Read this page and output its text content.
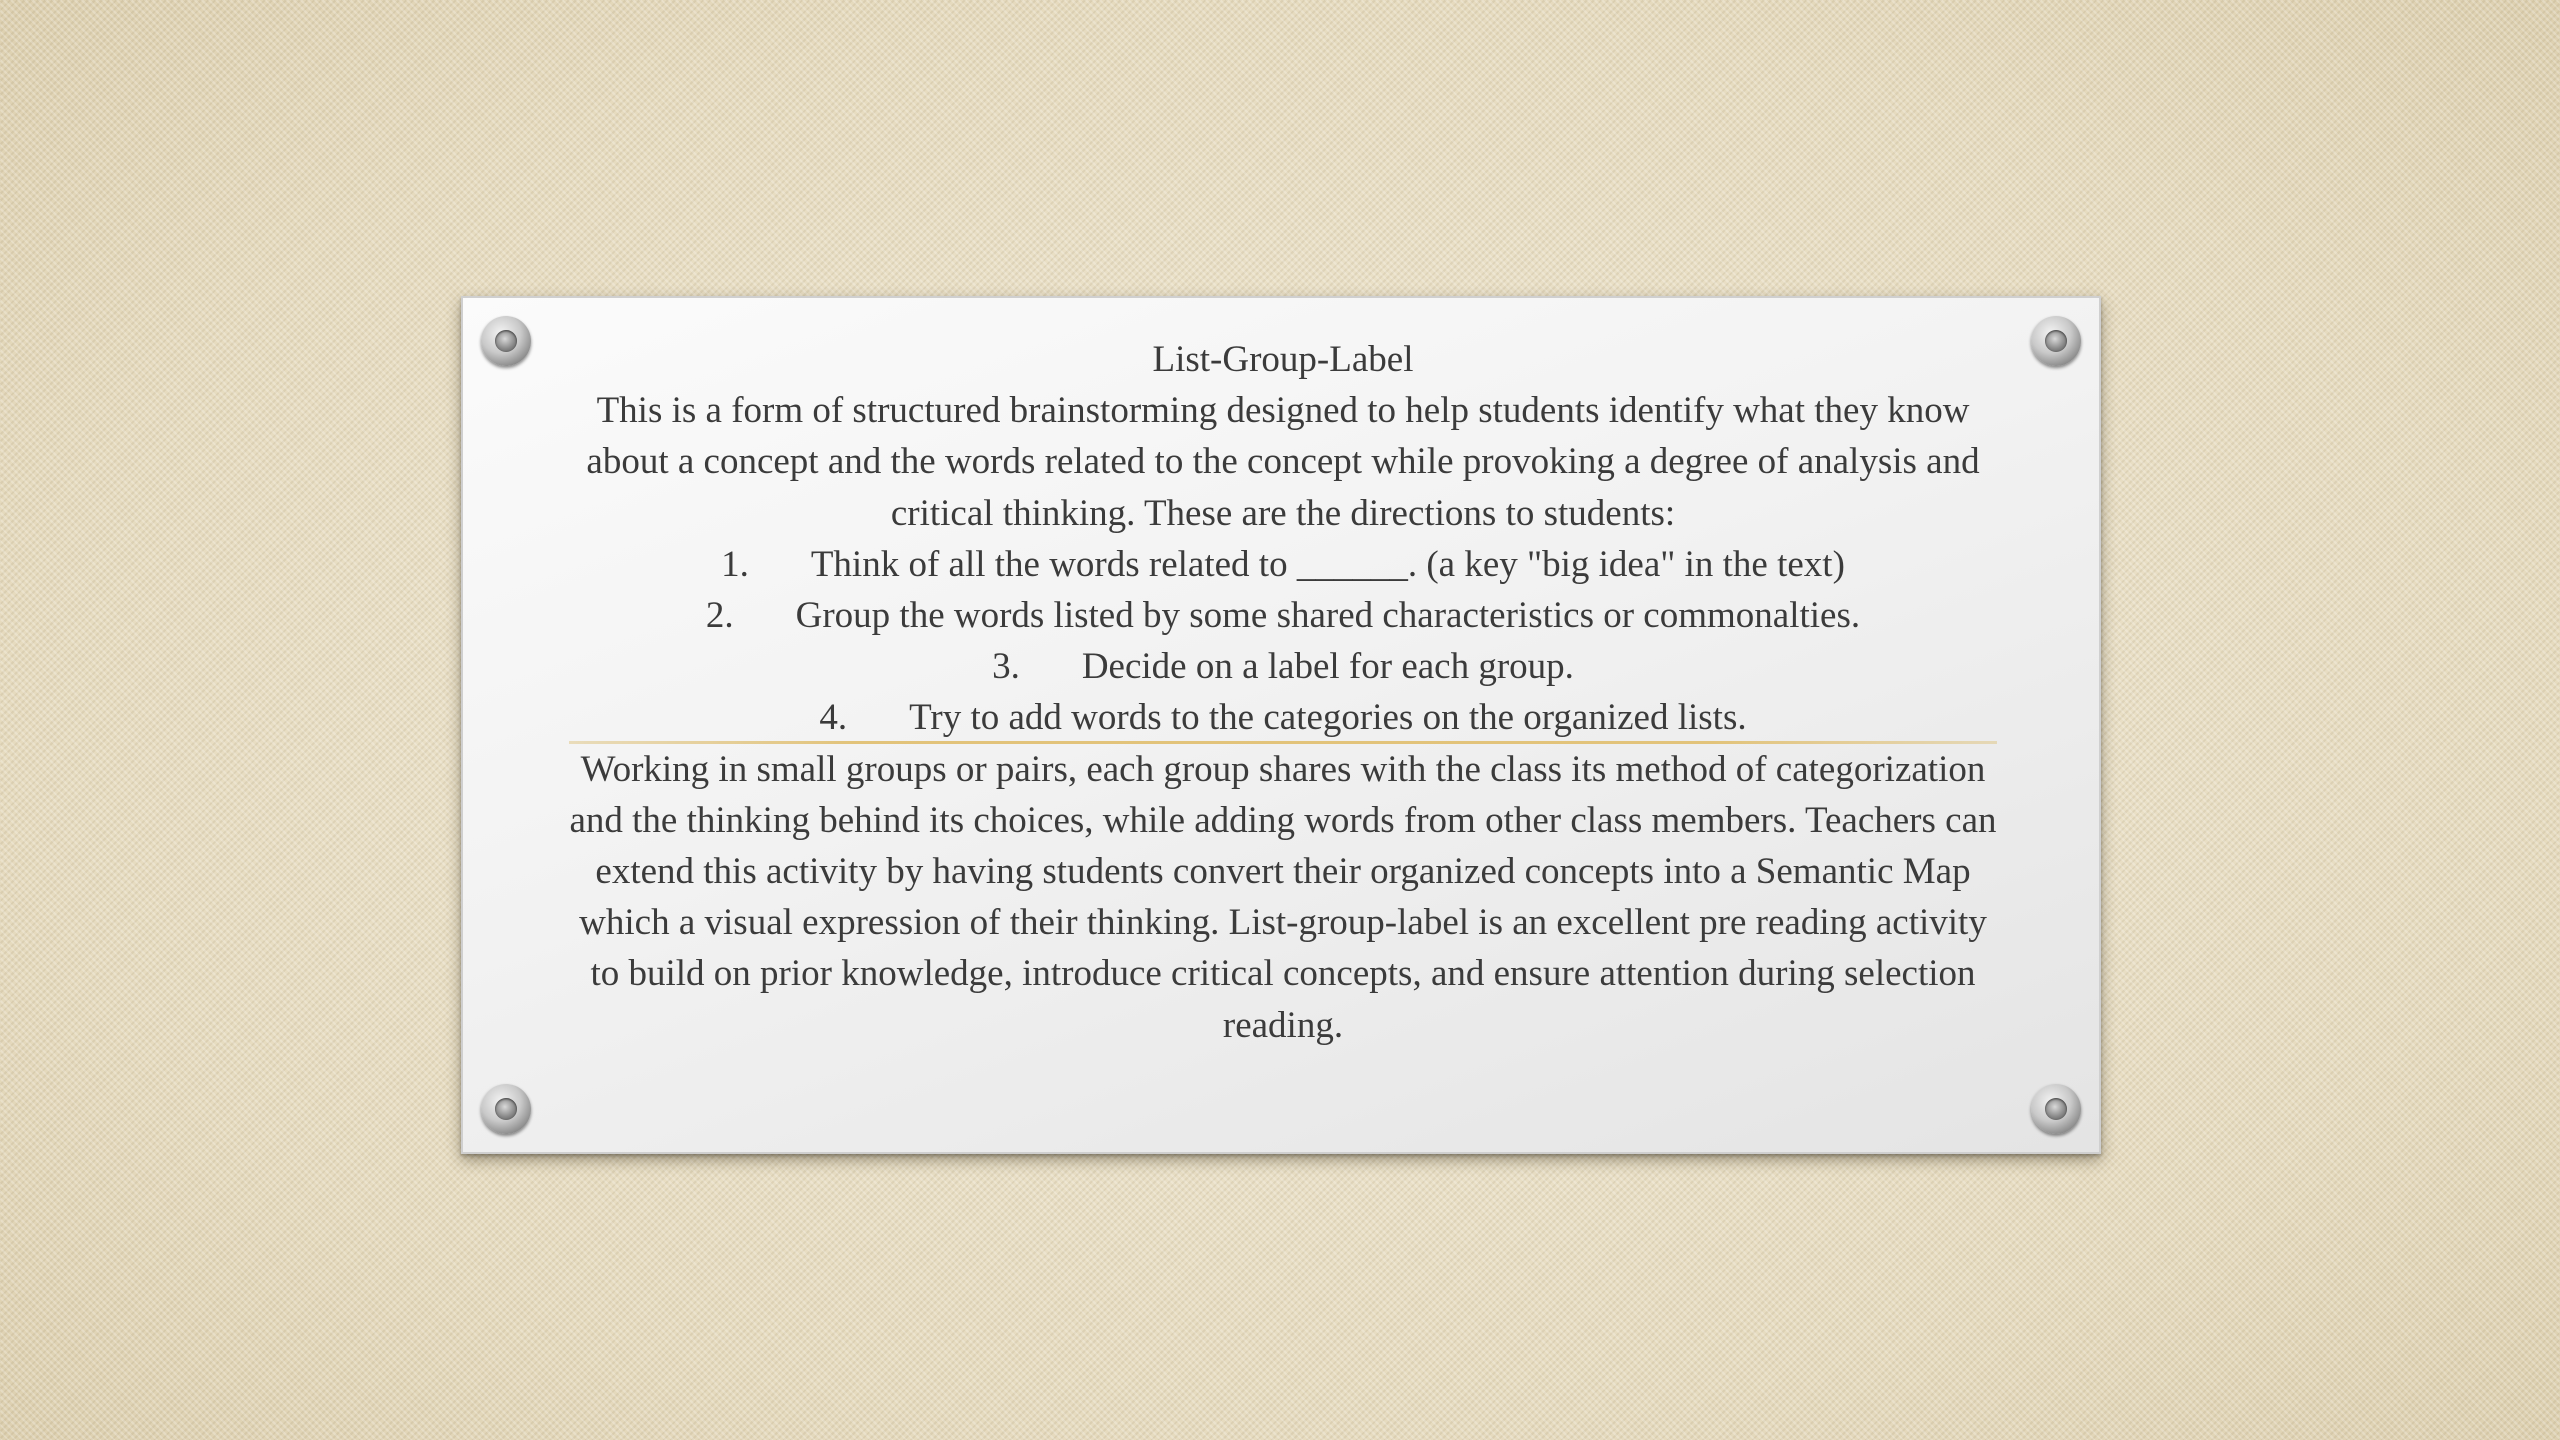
List-Group-Label

This is a form of structured brainstorming designed to help students identify what they know about a concept and the words related to the concept while provoking a degree of analysis and critical thinking. These are the directions to students:

1. Think of all the words related to ______. (a key "big idea" in the text)
2. Group the words listed by some shared characteristics or commonalties.
3. Decide on a label for each group.
4. Try to add words to the categories on the organized lists.

Working in small groups or pairs, each group shares with the class its method of categorization and the thinking behind its choices, while adding words from other class members. Teachers can extend this activity by having students convert their organized concepts into a Semantic Map which a visual expression of their thinking. List-group-label is an excellent pre reading activity to build on prior knowledge, introduce critical concepts, and ensure attention during selection reading.
